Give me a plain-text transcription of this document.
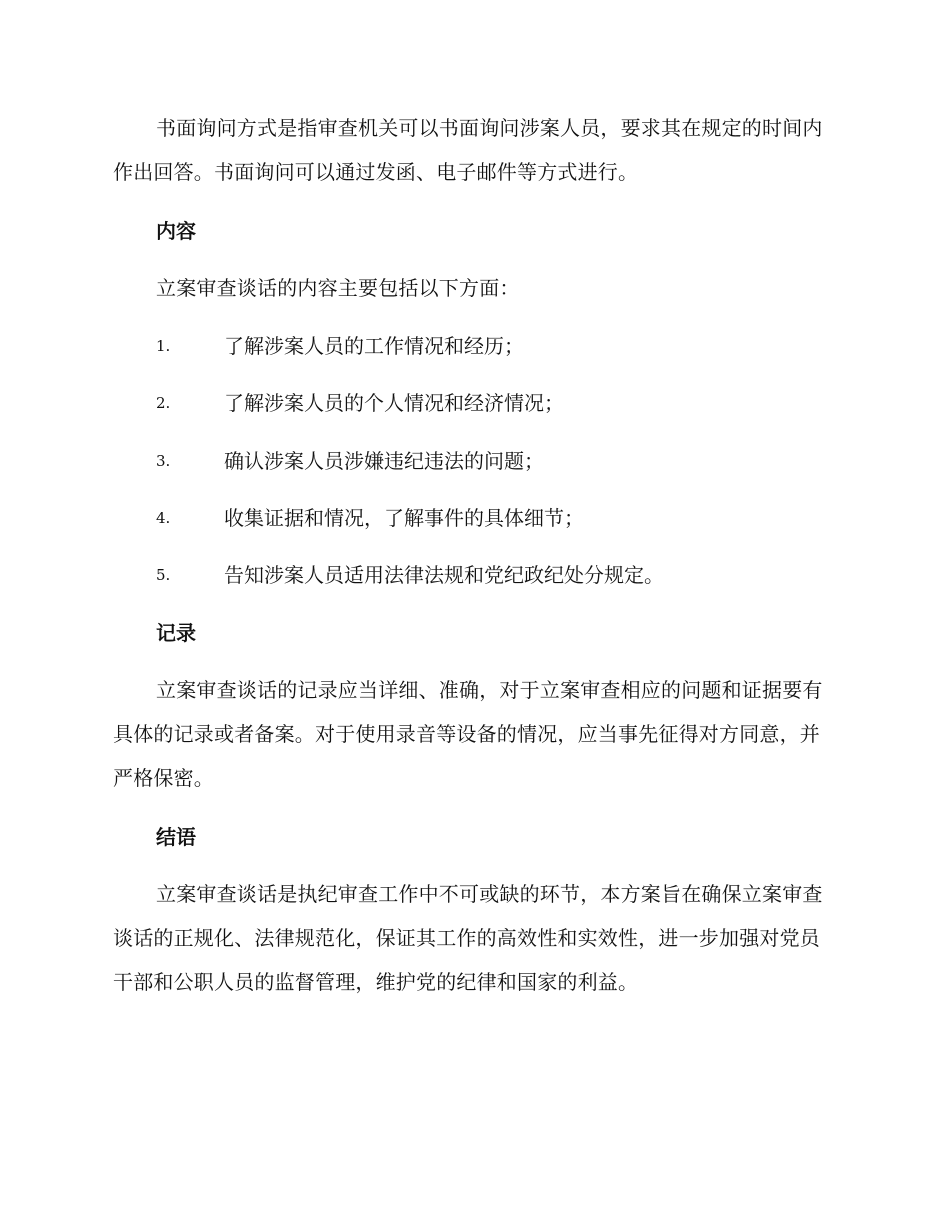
书面询问方式是指审查机关可以书面询问涉案人员，要求其在规定的时间内作出回答。书面询问可以通过发函、电子邮件等方式进行。

内容

立案审查谈话的内容主要包括以下方面：

1.	了解涉案人员的工作情况和经历；
2.	了解涉案人员的个人情况和经济情况；
3.	确认涉案人员涉嫌违纪违法的问题；
4.	收集证据和情况，了解事件的具体细节；
5.	告知涉案人员适用法律法规和党纪政纪处分规定。
记录

立案审查谈话的记录应当详细、准确，对于立案审查相应的问题和证据要有具体的记录或者备案。对于使用录音等设备的情况，应当事先征得对方同意，并严格保密。

结语

立案审查谈话是执纪审查工作中不可或缺的环节，本方案旨在确保立案审查谈话的正规化、法律规范化，保证其工作的高效性和实效性，进一步加强对党员干部和公职人员的监督管理，维护党的纪律和国家的利益。
